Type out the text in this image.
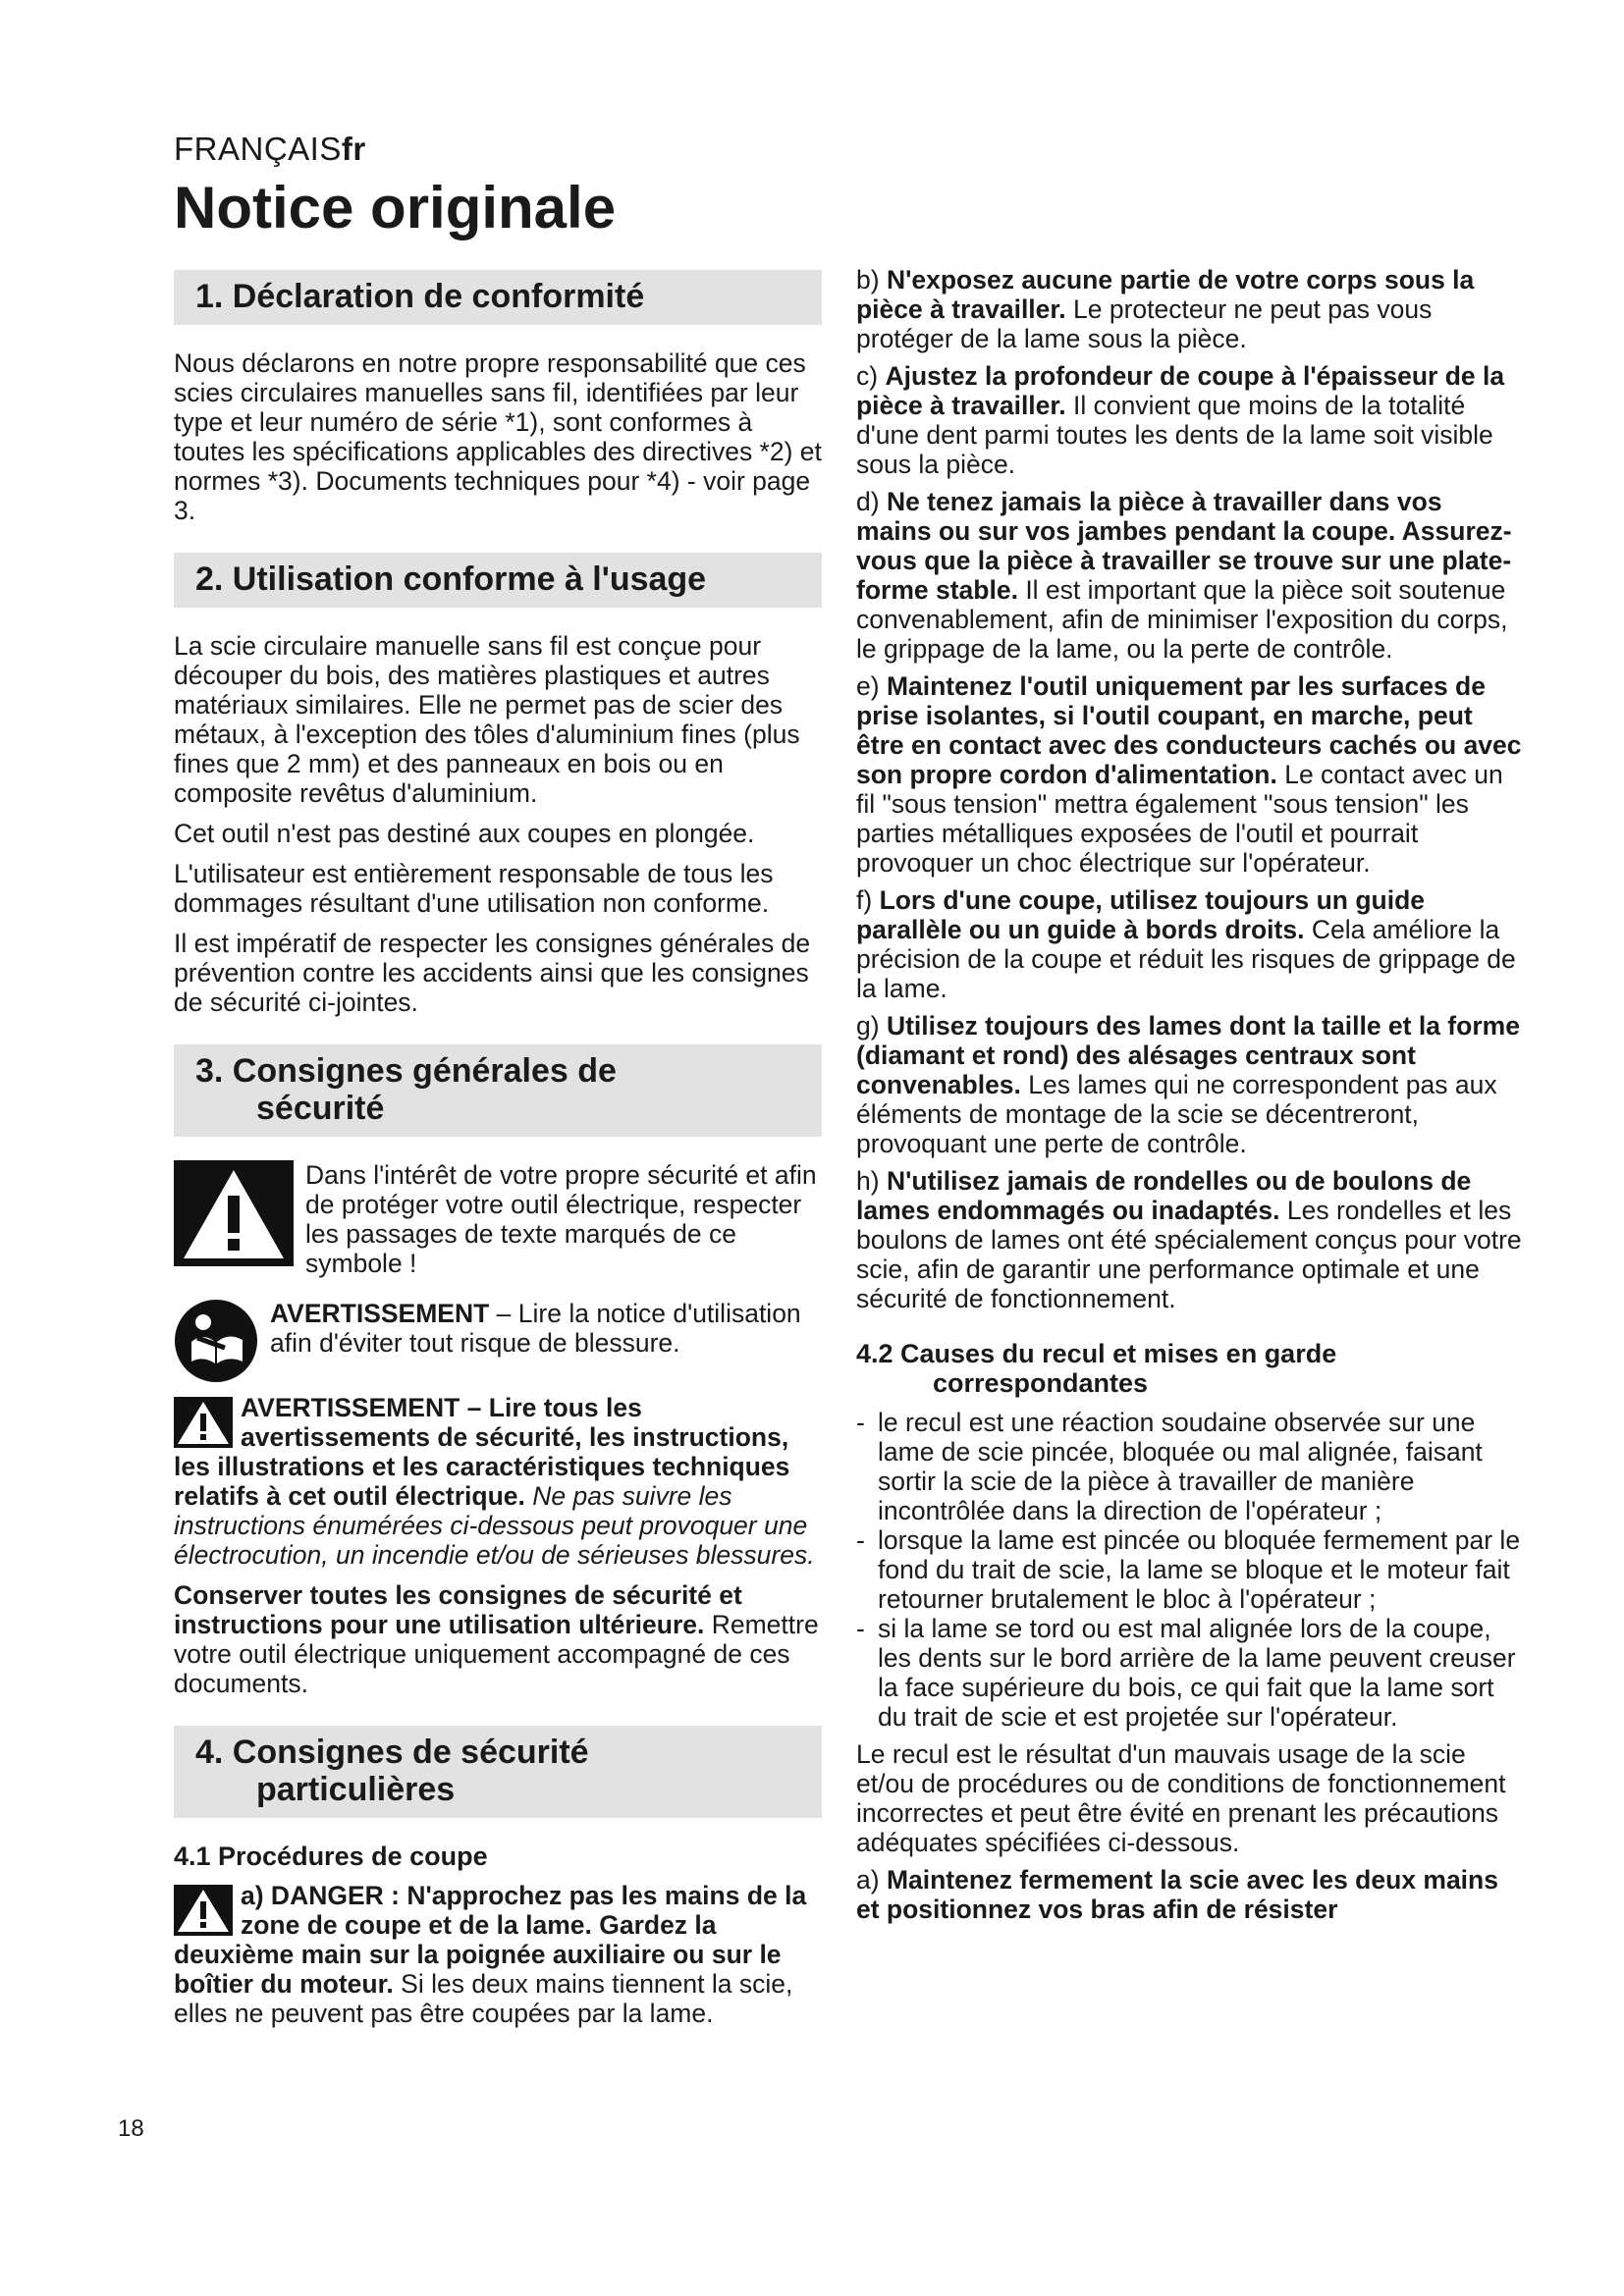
FRANÇAISfr
Notice originale
1. Déclaration de conformité

Nous déclarons en notre propre responsabilité que ces scies circulaires manuelles sans fil, identifiées par leur type et leur numéro de série *1), sont conformes à toutes les spécifications applicables des directives *2) et normes *3). Documents techniques pour *4) - voir page 3.

2. Utilisation conforme à l'usage

La scie circulaire manuelle sans fil est conçue pour découper du bois, des matières plastiques et autres matériaux similaires. Elle ne permet pas de scier des métaux, à l'exception des tôles d'aluminium fines (plus fines que 2 mm) et des panneaux en bois ou en composite revêtus d'aluminium.

Cet outil n'est pas destiné aux coupes en plongée.

L'utilisateur est entièrement responsable de tous les dommages résultant d'une utilisation non conforme.

Il est impératif de respecter les consignes générales de prévention contre les accidents ainsi que les consignes de sécurité ci-jointes.

3. Consignes générales de
sécurité

Dans l'intérêt de votre propre sécurité et afin de protéger votre outil électrique, respecter les passages de texte marqués de ce symbole !

AVERTISSEMENT – Lire la notice d'utilisation afin d'éviter tout risque de blessure.

AVERTISSEMENT – Lire tous les avertissements de sécurité, les instructions, les illustrations et les caractéristiques techniques relatifs à cet outil électrique. Ne pas suivre les instructions énumérées ci-dessous peut provoquer une électrocution, un incendie et/ou de sérieuses blessures.

Conserver toutes les consignes de sécurité et instructions pour une utilisation ultérieure. Remettre votre outil électrique uniquement accompagné de ces documents.

4. Consignes de sécurité
particulières
4.1 Procédures de coupe

a) DANGER : N'approchez pas les mains de la zone de coupe et de la lame. Gardez la deuxième main sur la poignée auxiliaire ou sur le boîtier du moteur. Si les deux mains tiennent la scie, elles ne peuvent pas être coupées par la lame.

b) N'exposez aucune partie de votre corps sous la pièce à travailler. Le protecteur ne peut pas vous protéger de la lame sous la pièce.

c) Ajustez la profondeur de coupe à l'épaisseur de la pièce à travailler. Il convient que moins de la totalité d'une dent parmi toutes les dents de la lame soit visible sous la pièce.

d) Ne tenez jamais la pièce à travailler dans vos mains ou sur vos jambes pendant la coupe. Assurez-vous que la pièce à travailler se trouve sur une plate-forme stable. Il est important que la pièce soit soutenue convenablement, afin de minimiser l'exposition du corps, le grippage de la lame, ou la perte de contrôle.

e) Maintenez l'outil uniquement par les surfaces de prise isolantes, si l'outil coupant, en marche, peut être en contact avec des conducteurs cachés ou avec son propre cordon d'alimentation. Le contact avec un fil "sous tension" mettra également "sous tension" les parties métalliques exposées de l'outil et pourrait provoquer un choc électrique sur l'opérateur.

f) Lors d'une coupe, utilisez toujours un guide parallèle ou un guide à bords droits. Cela améliore la précision de la coupe et réduit les risques de grippage de la lame.

g) Utilisez toujours des lames dont la taille et la forme (diamant et rond) des alésages centraux sont convenables. Les lames qui ne correspondent pas aux éléments de montage de la scie se décentreront, provoquant une perte de contrôle.

h) N'utilisez jamais de rondelles ou de boulons de lames endommagés ou inadaptés. Les rondelles et les boulons de lames ont été spécialement conçus pour votre scie, afin de garantir une performance optimale et une sécurité de fonctionnement.

4.2 Causes du recul et mises en garde
correspondantes
- le recul est une réaction soudaine observée sur une lame de scie pincée, bloquée ou mal alignée, faisant sortir la scie de la pièce à travailler de manière incontrôlée dans la direction de l'opérateur ;
- lorsque la lame est pincée ou bloquée fermement par le fond du trait de scie, la lame se bloque et le moteur fait retourner brutalement le bloc à l'opérateur ;
- si la lame se tord ou est mal alignée lors de la coupe, les dents sur le bord arrière de la lame peuvent creuser la face supérieure du bois, ce qui fait que la lame sort du trait de scie et est projetée sur l'opérateur.

Le recul est le résultat d'un mauvais usage de la scie et/ou de procédures ou de conditions de fonctionnement incorrectes et peut être évité en prenant les précautions adéquates spécifiées ci-dessous.

a) Maintenez fermement la scie avec les deux mains et positionnez vos bras afin de résister

18
